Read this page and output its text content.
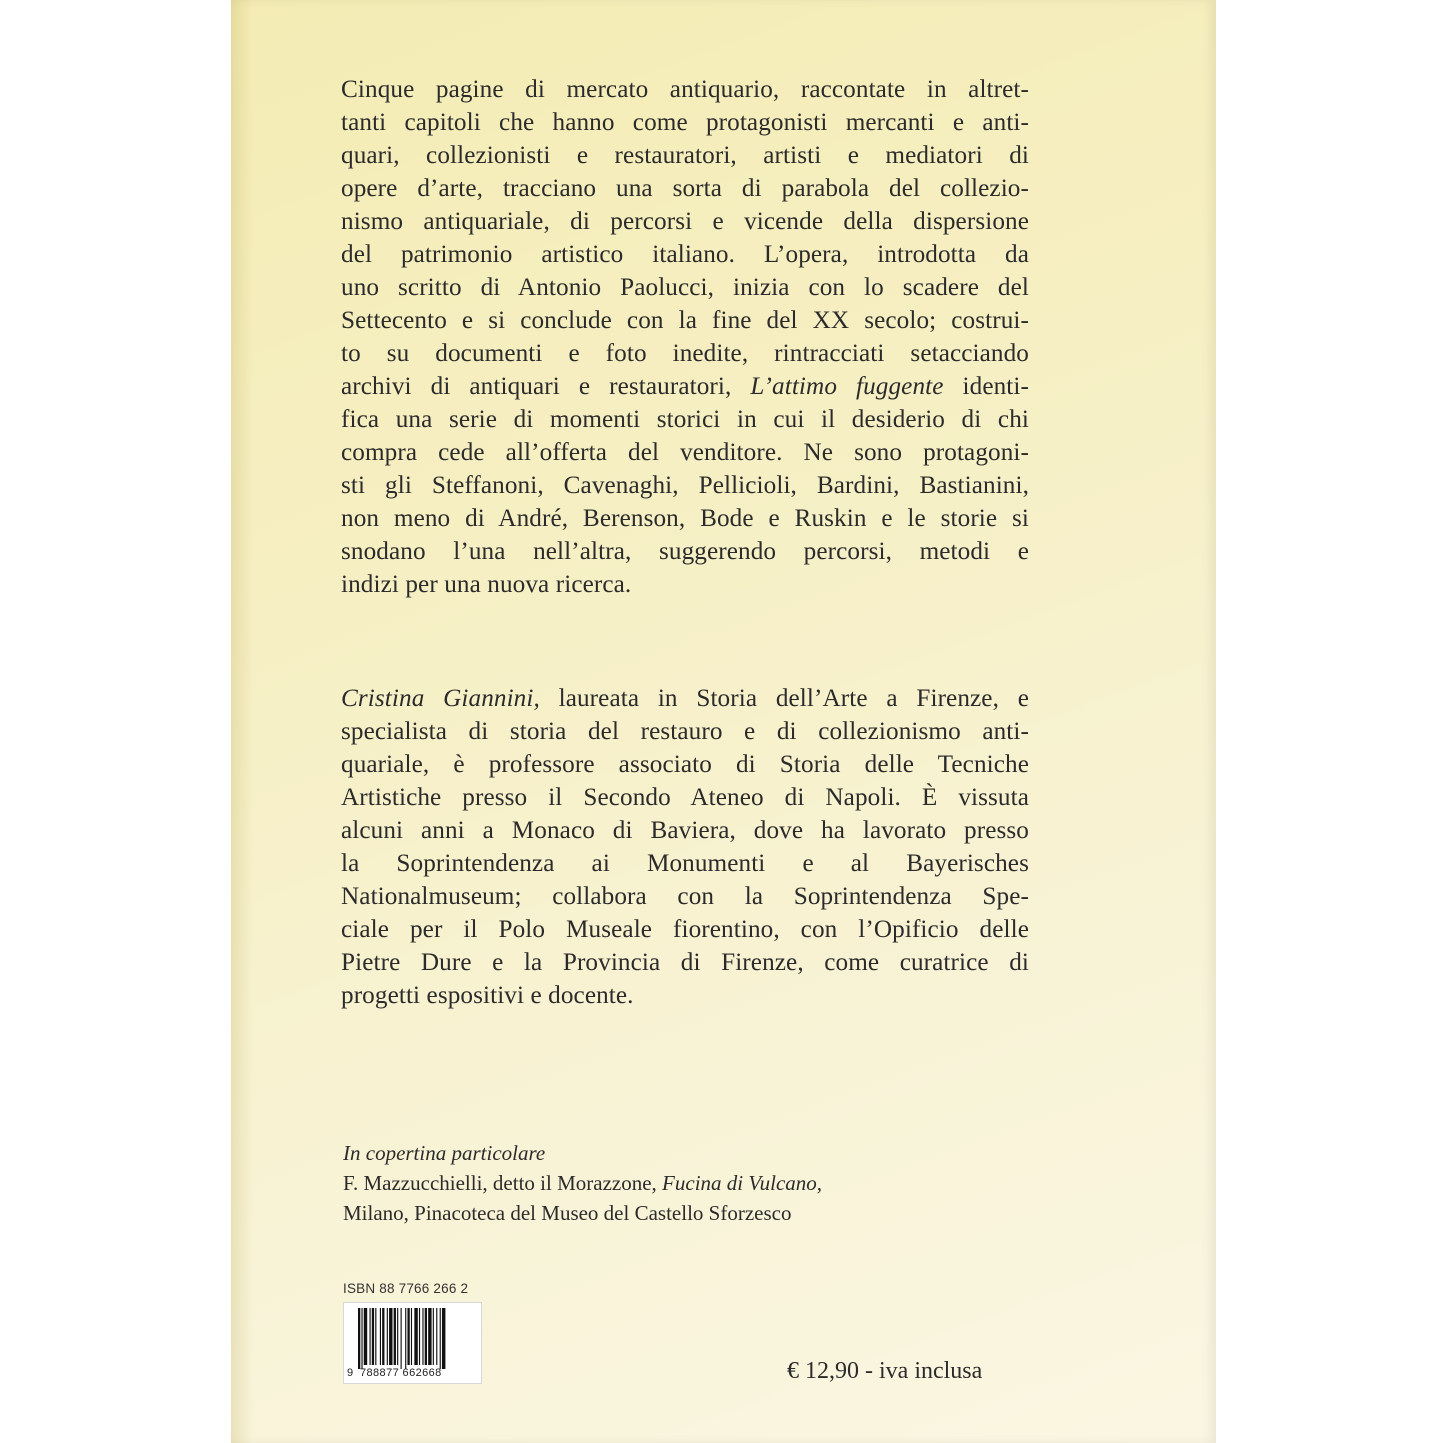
Cinque pagine di mercato antiquario, raccontate in altret-
tanti capitoli che hanno come protagonisti mercanti e anti-
quari, collezionisti e restauratori, artisti e mediatori di
opere d’arte, tracciano una sorta di parabola del collezio-
nismo antiquariale, di percorsi e vicende della dispersione
del patrimonio artistico italiano. L’opera, introdotta da
uno scritto di Antonio Paolucci, inizia con lo scadere del
Settecento e si conclude con la fine del XX secolo; costrui-
to su documenti e foto inedite, rintracciati setacciando
archivi di antiquari e restauratori, L’attimo fuggente identi-
fica una serie di momenti storici in cui il desiderio di chi
compra cede all’offerta del venditore. Ne sono protagoni-
sti gli Steffanoni, Cavenaghi, Pellicioli, Bardini, Bastianini,
non meno di André, Berenson, Bode e Ruskin e le storie si
snodano l’una nell’altra, suggerendo percorsi, metodi e
indizi per una nuova ricerca.
Cristina Giannini, laureata in Storia dell’Arte a Firenze, e
specialista di storia del restauro e di collezionismo anti-
quariale, è professore associato di Storia delle Tecniche
Artistiche presso il Secondo Ateneo di Napoli. È vissuta
alcuni anni a Monaco di Baviera, dove ha lavorato presso
la Soprintendenza ai Monumenti e al Bayerisches
Nationalmuseum; collabora con la Soprintendenza Spe-
ciale per il Polo Museale fiorentino, con l’Opificio delle
Pietre Dure e la Provincia di Firenze, come curatrice di
progetti espositivi e docente.
In copertina particolare
F. Mazzucchielli, detto il Morazzone, Fucina di Vulcano,
Milano, Pinacoteca del Museo del Castello Sforzesco
ISBN 88 7766 266 2
9 788877 662668	€ 12,90 - iva inclusa
